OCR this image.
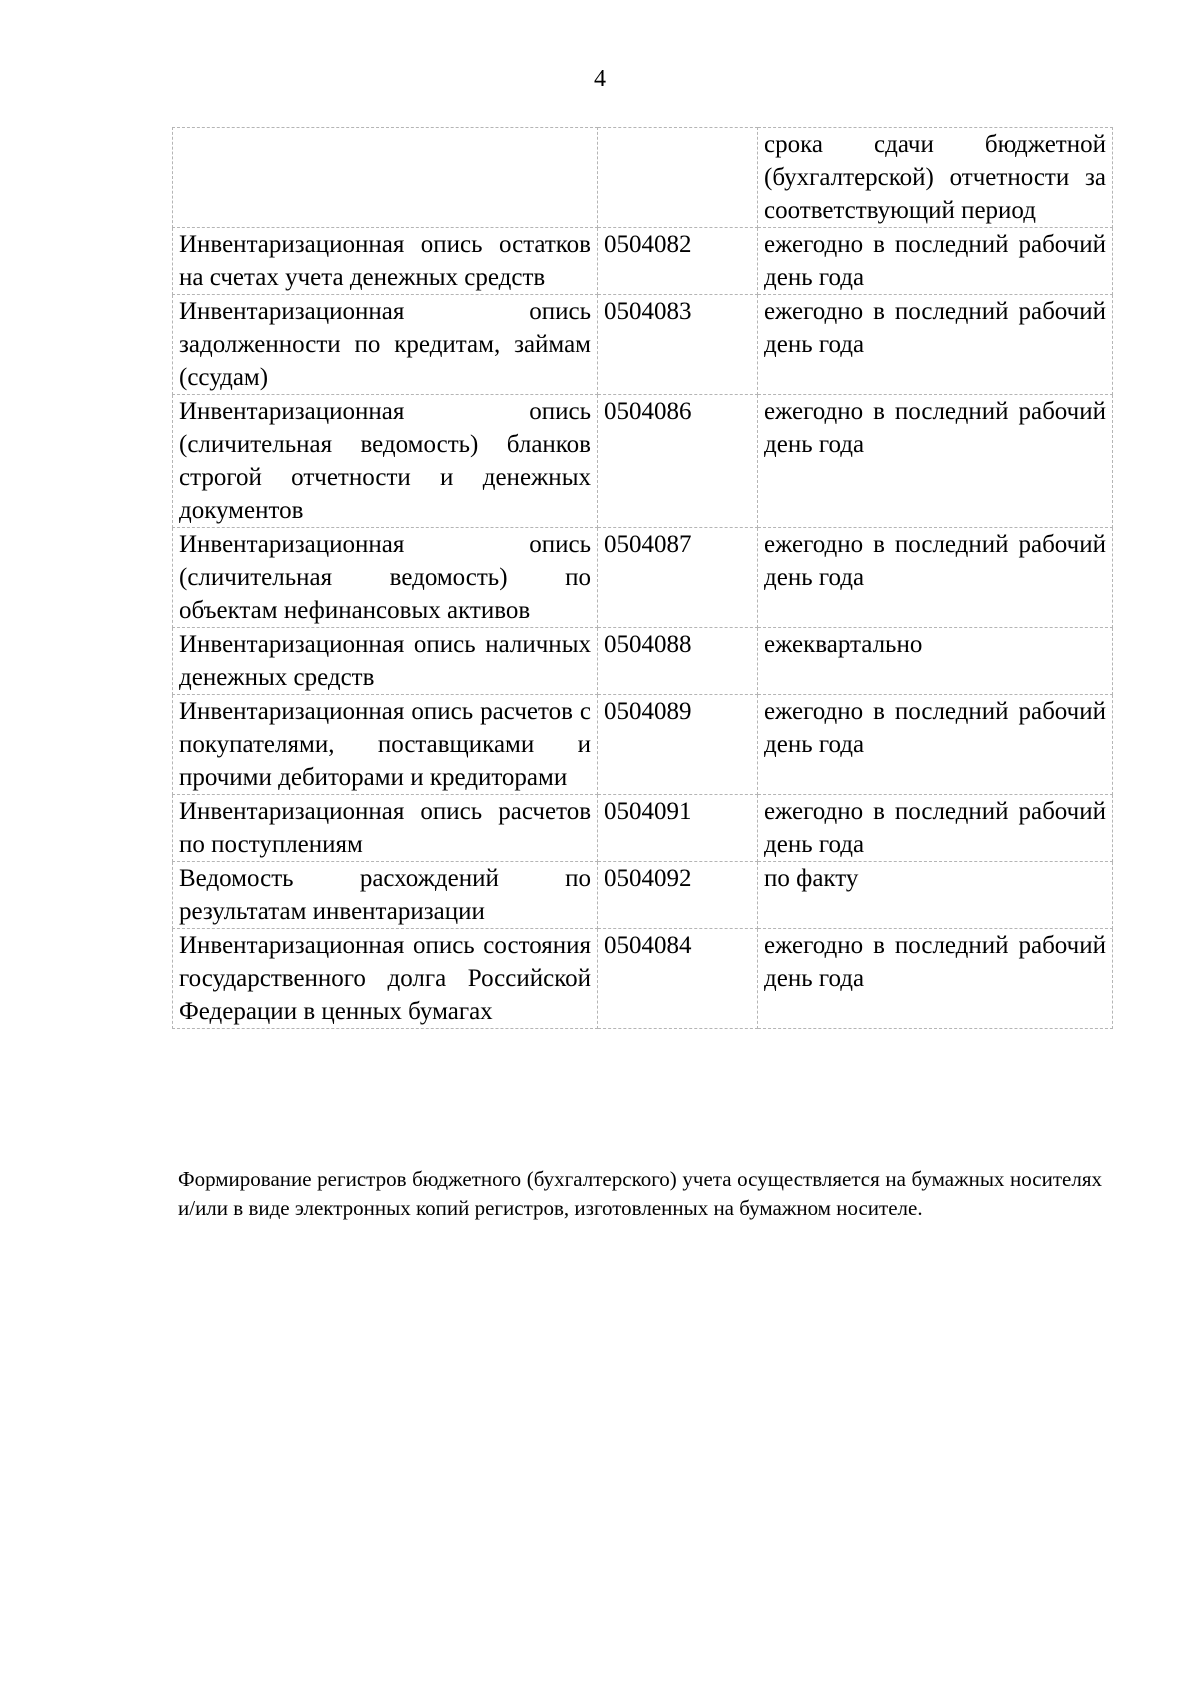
4
		срока сдачи бюджетной (бухгалтерской) отчетности за соответствующий период
Инвентаризационная опись остатков на счетах учета денежных средств	0504082	ежегодно в последний рабочий день года
Инвентаризационная опись задолженности по кредитам, займам (ссудам)	0504083	ежегодно в последний рабочий день года
Инвентаризационная опись (сличительная ведомость) бланков строгой отчетности и денежных документов	0504086	ежегодно в последний рабочий день года
Инвентаризационная опись (сличительная ведомость) по объектам нефинансовых активов	0504087	ежегодно в последний рабочий день года
Инвентаризационная опись наличных денежных средств	0504088	ежеквартально
Инвентаризационная опись расчетов с покупателями, поставщиками и прочими дебиторами и кредиторами	0504089	ежегодно в последний рабочий день года
Инвентаризационная опись расчетов по поступлениям	0504091	ежегодно в последний рабочий день года
Ведомость расхождений по результатам инвентаризации	0504092	по факту
Инвентаризационная опись состояния государственного долга Российской Федерации в ценных бумагах	0504084	ежегодно в последний рабочий день года

Формирование регистров бюджетного (бухгалтерского) учета осуществляется на бумажных носителях и/или в виде электронных копий регистров, изготовленных на бумажном носителе.
